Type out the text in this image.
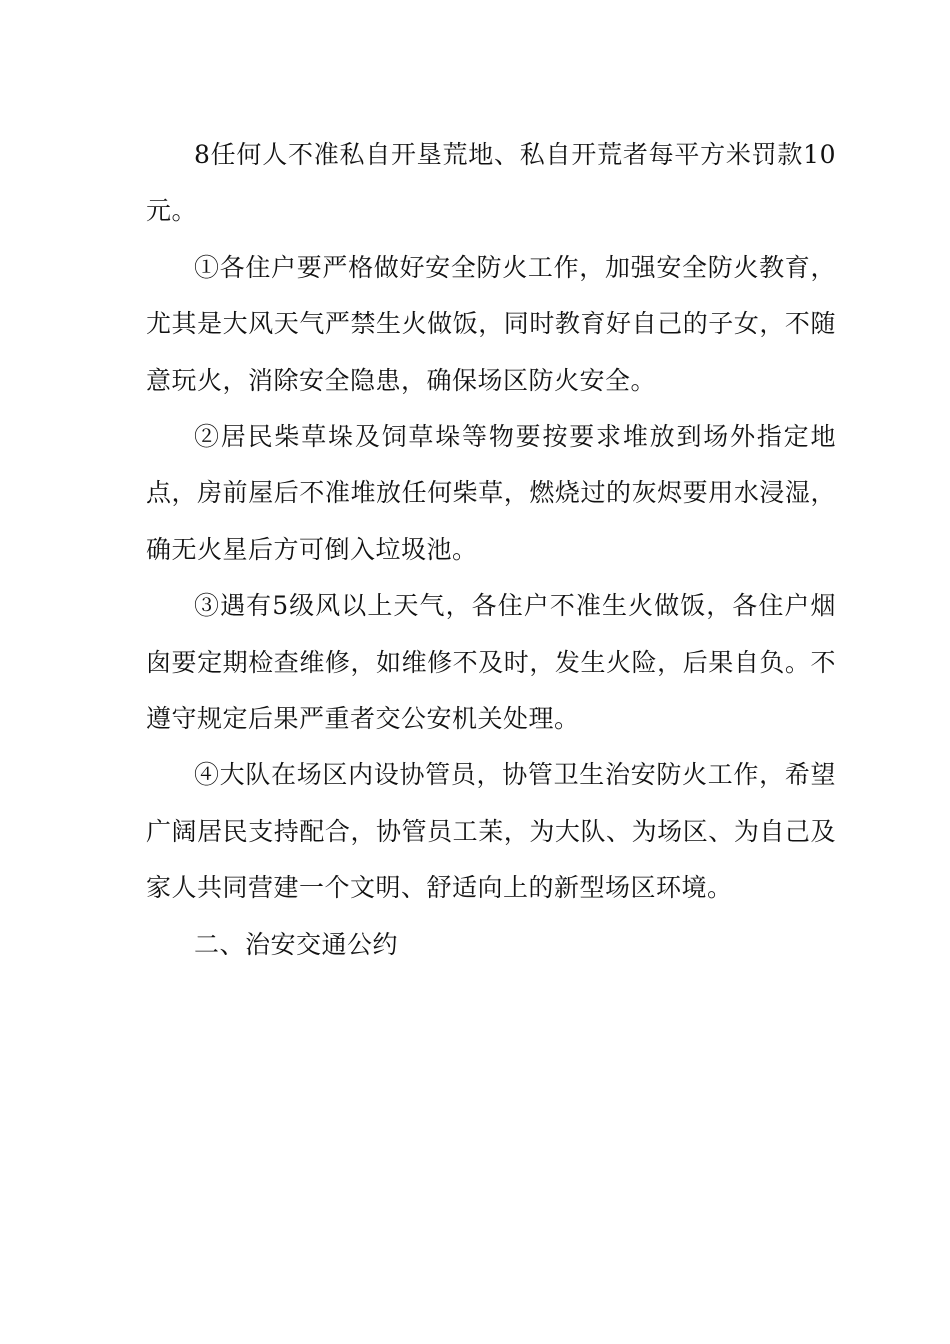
8任何人不准私自开垦荒地、私自开荒者每平方米罚款10元。

①各住户要严格做好安全防火工作，加强安全防火教育，尤其是大风天气严禁生火做饭，同时教育好自己的子女，不随意玩火，消除安全隐患，确保场区防火安全。

②居民柴草垛及饲草垛等物要按要求堆放到场外指定地点，房前屋后不准堆放任何柴草，燃烧过的灰烬要用水浸湿，确无火星后方可倒入垃圾池。

③遇有5级风以上天气，各住户不准生火做饭，各住户烟囱要定期检查维修，如维修不及时，发生火险，后果自负。不遵守规定后果严重者交公安机关处理。

④大队在场区内设协管员，协管卫生治安防火工作，希望广阔居民支持配合，协管员工苿，为大队、为场区、为自己及家人共同营建一个文明、舒适向上的新型场区环境。

二、治安交通公约
